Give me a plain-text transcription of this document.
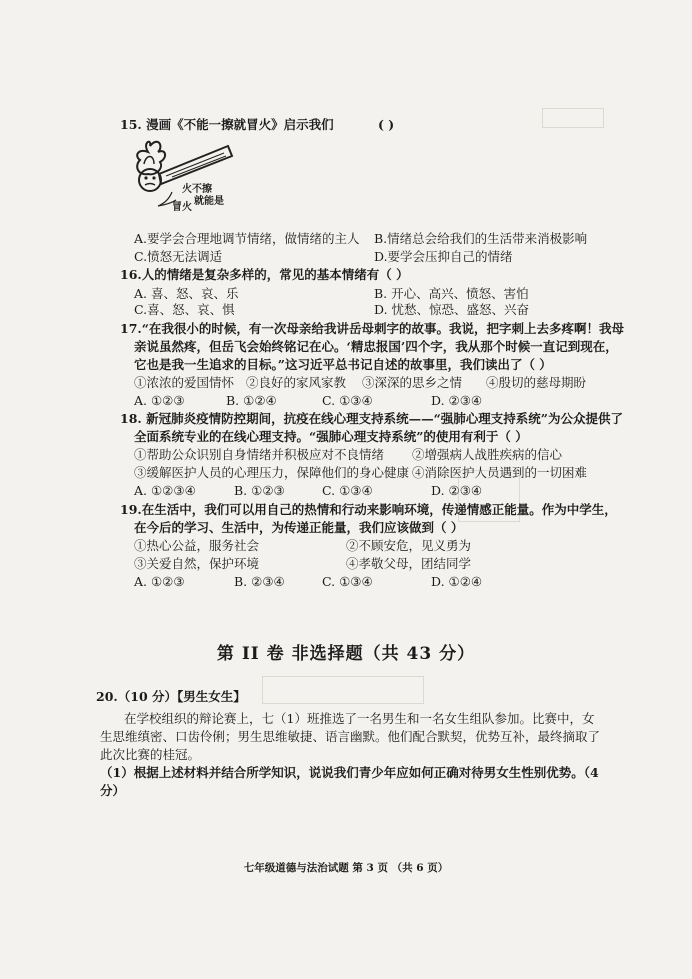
15. 漫画《不能一擦就冒火》启示我们	( )
火不擦
就能是
冒火
A.要学会合理地调节情绪，做情绪的主人 B.情绪总会给我们的生活带来消极影响
C.愤怒无法调适	D.要学会压抑自己的情绪
16.人的情绪是复杂多样的，常见的基本情绪有（ ）
A. 喜、怒、哀、乐	B. 开心、高兴、愤怒、害怕
C.喜、怒、哀、惧	D. 忧愁、惊恐、盛怒、兴奋
17.“在我很小的时候，有一次母亲给我讲岳母刺字的故事。我说，把字刺上去多疼啊！我母
亲说虽然疼，但岳飞会始终铭记在心。‘精忠报国’四个字，我从那个时候一直记到现在，
它也是我一生追求的目标。”这习近平总书记自述的故事里，我们读出了（ ）
①浓浓的爱国情怀 ②良好的家风家教 ③深深的思乡之情 ④殷切的慈母期盼
A. ①②③	B. ①②④	C. ①③④	D. ②③④
18. 新冠肺炎疫情防控期间，抗疫在线心理支持系统——“强肺心理支持系统”为公众提供了
全面系统专业的在线心理支持。“强肺心理支持系统”的使用有利于（ ）
①帮助公众识别自身情绪并积极应对不良情绪 ②增强病人战胜疾病的信心
③缓解医护人员的心理压力，保障他们的身心健康 ④消除医护人员遇到的一切困难
A. ①②③④	B. ①②③	C. ①③④	D. ②③④
19.在生活中，我们可以用自己的热情和行动来影响环境，传递情感正能量。作为中学生，
在今后的学习、生活中，为传递正能量，我们应该做到（ ）
①热心公益，服务社会	②不顾安危，见义勇为
③关爱自然，保护环境	④孝敬父母，团结同学
A. ①②③	B. ②③④	C. ①③④	D. ①②④
第 II 卷 非选择题（共 43 分）
20.（10 分）【男生女生】
在学校组织的辩论赛上，七（1）班推选了一名男生和一名女生组队参加。比赛中，女
生思维缜密、口齿伶俐；男生思维敏捷、语言幽默。他们配合默契，优势互补，最终摘取了
此次比赛的桂冠。
（1）根据上述材料并结合所学知识，说说我们青少年应如何正确对待男女生性别优势。（4
分）
七年级道德与法治试题 第 3 页 （共 6 页）
